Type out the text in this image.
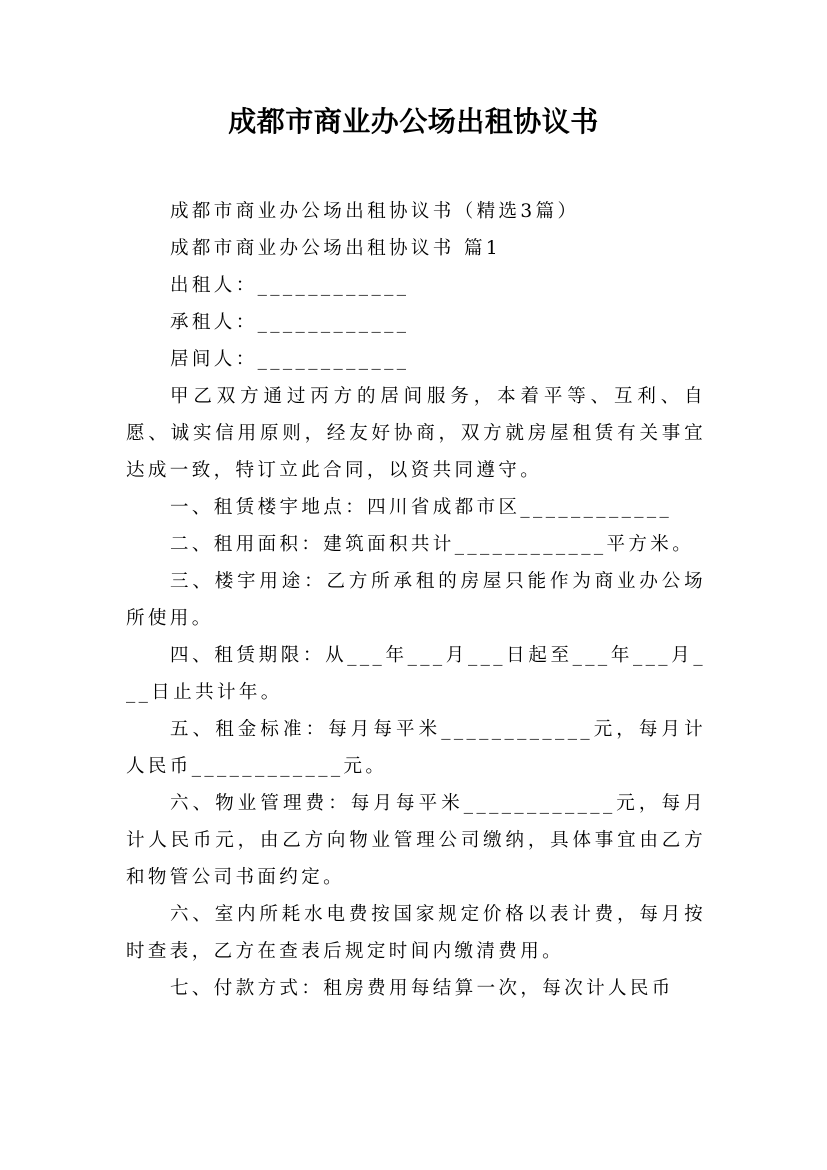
成都市商业办公场出租协议书

成都市商业办公场出租协议书（精选3篇）

成都市商业办公场出租协议书 篇1

出租人：____________

承租人：____________

居间人：____________

甲乙双方通过丙方的居间服务，本着平等、互利、自愿、诚实信用原则，经友好协商，双方就房屋租赁有关事宜达成一致，特订立此合同，以资共同遵守。

一、租赁楼宇地点：四川省成都市区____________

二、租用面积：建筑面积共计____________平方米。

三、楼宇用途：乙方所承租的房屋只能作为商业办公场所使用。

四、租赁期限：从___年___月___日起至___年___月___日止共计年。

五、租金标准：每月每平米____________元，每月计人民币____________元。

六、物业管理费：每月每平米____________元，每月计人民币元，由乙方向物业管理公司缴纳，具体事宜由乙方和物管公司书面约定。

六、室内所耗水电费按国家规定价格以表计费，每月按时查表，乙方在查表后规定时间内缴清费用。

七、付款方式：租房费用每结算一次，每次计人民币
